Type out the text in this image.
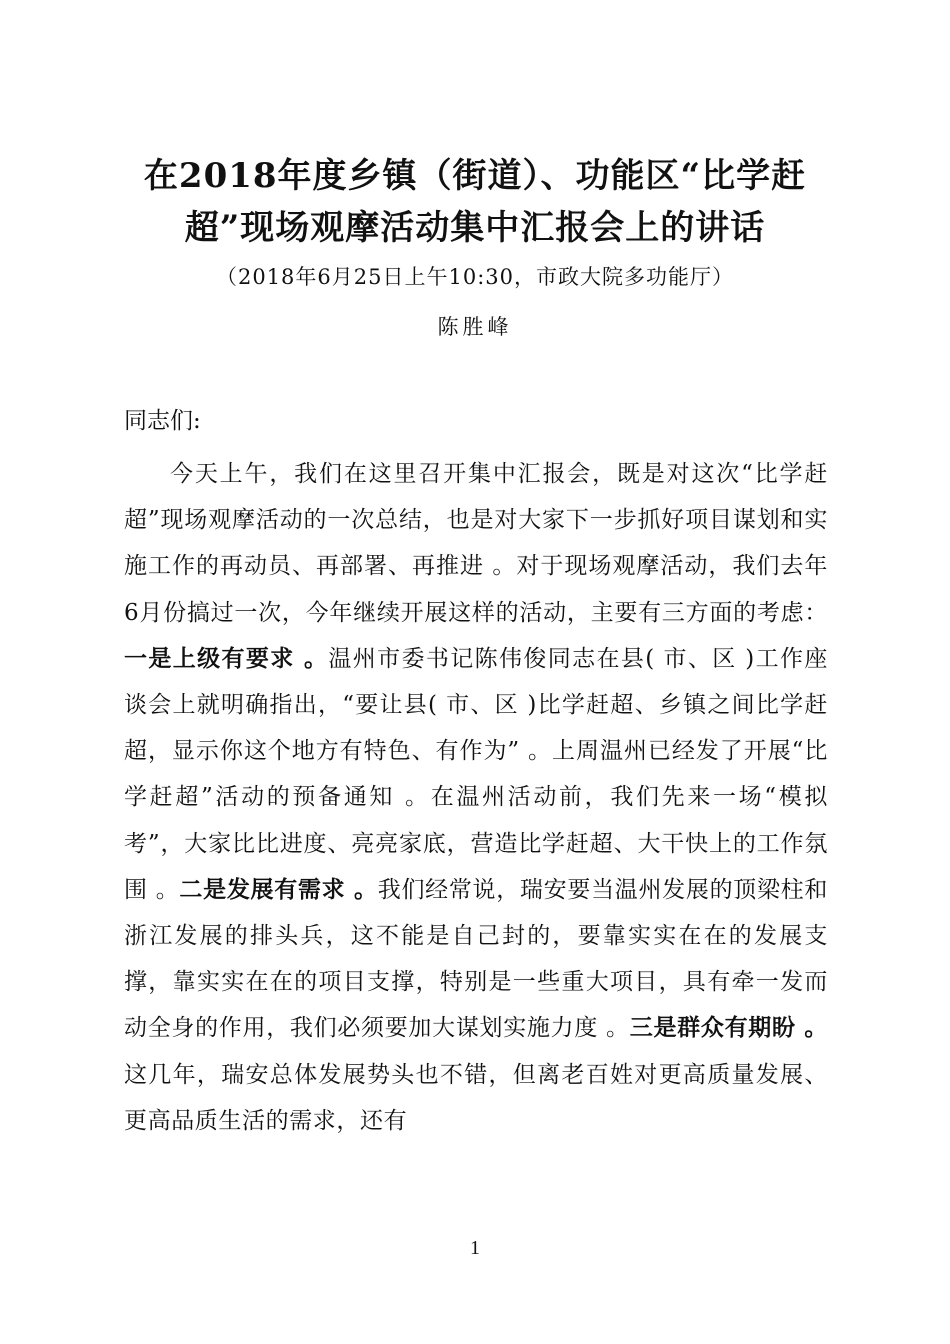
在2018年度乡镇（街道）、功能区“比学赶
超”现场观摩活动集中汇报会上的讲话
（2018年6月25日上午10:30，市政大院多功能厅）
陈胜峰
同志们:
今天上午，我们在这里召开集中汇报会，既是对这次“比学赶超”现场观摩活动的一次总结，也是对大家下一步抓好项目谋划和实施工作的再动员、再部署、再推进 。对于现场观摩活动，我们去年6月份搞过一次，今年继续开展这样的活动，主要有三方面的考虑：一是上级有要求 。温州市委书记陈伟俊同志在县( 市、区 )工作座谈会上就明确指出，“要让县( 市、区 )比学赶超、乡镇之间比学赶超，显示你这个地方有特色、有作为” 。上周温州已经发了开展“比学赶超”活动的预备通知 。在温州活动前，我们先来一场“模拟考”，大家比比进度、亮亮家底，营造比学赶超、大干快上的工作氛围 。二是发展有需求 。我们经常说，瑞安要当温州发展的顶梁柱和浙江发展的排头兵，这不能是自己封的，要靠实实在在的发展支撑，靠实实在在的项目支撑，特别是一些重大项目，具有牵一发而动全身的作用，我们必须要加大谋划实施力度 。三是群众有期盼 。这几年，瑞安总体发展势头也不错，但离老百姓对更高质量发展、更高品质生活的需求，还有
1
